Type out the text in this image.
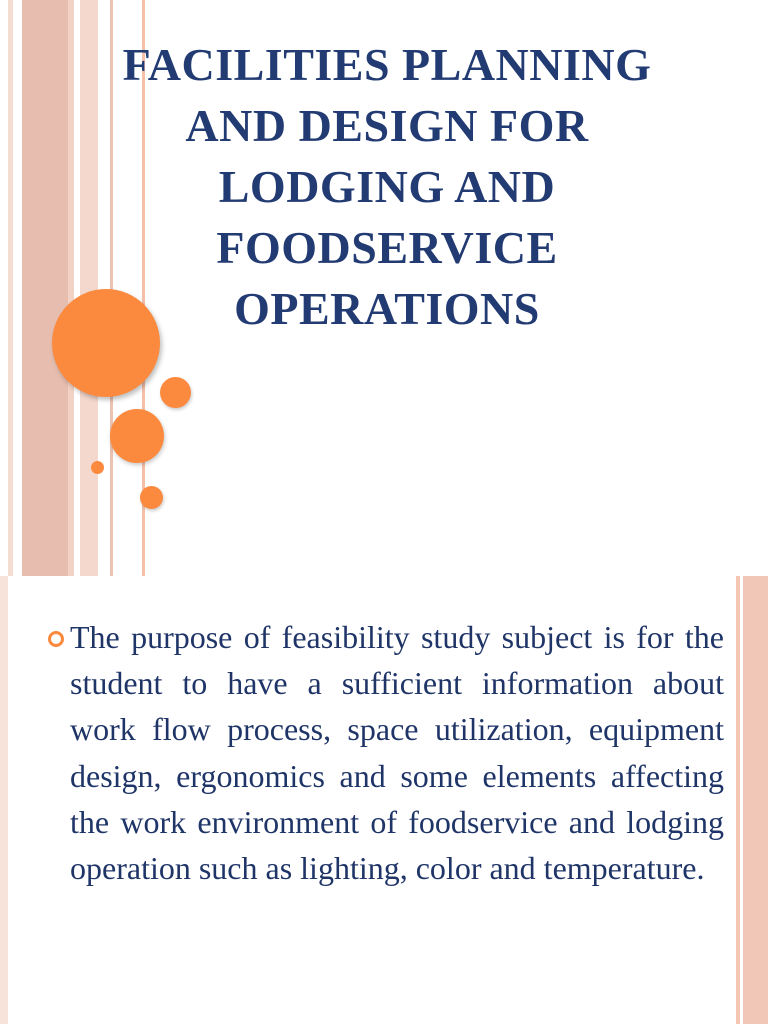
FACILITIES PLANNING AND DESIGN FOR LODGING AND FOODSERVICE OPERATIONS

The purpose of feasibility study subject is for the student to have a sufficient information about work flow process, space utilization, equipment design, ergonomics and some elements affecting the work environment of foodservice and lodging operation such as lighting, color and temperature.
